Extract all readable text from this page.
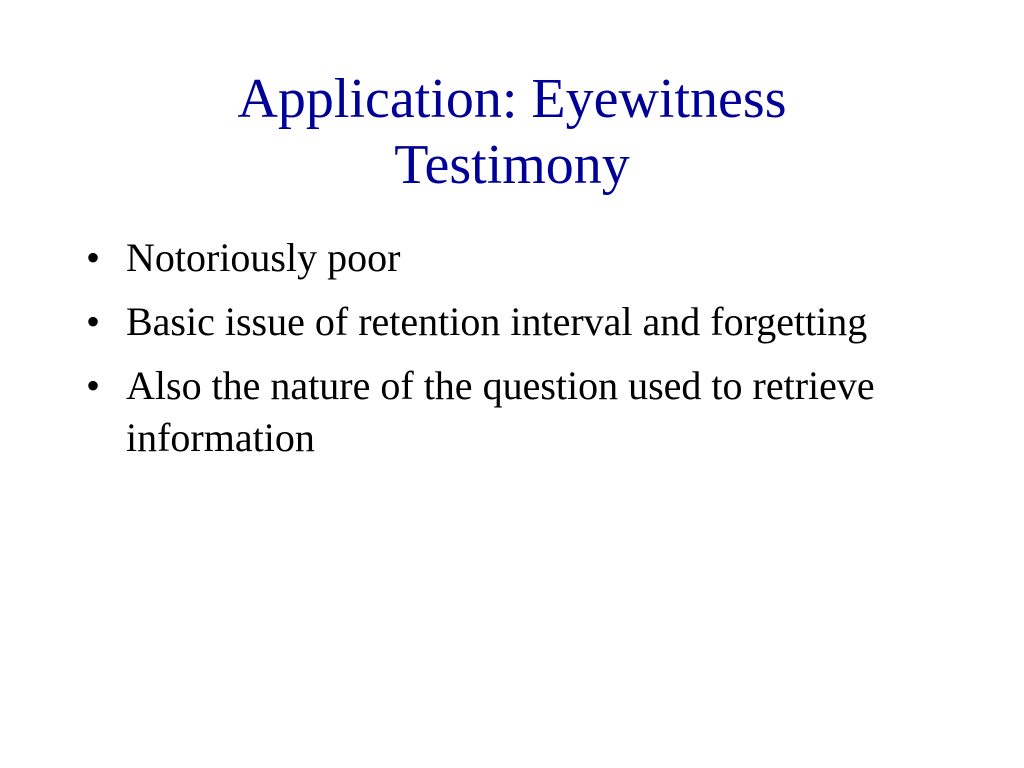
Application: Eyewitness
Testimony
• Notoriously poor
• Basic issue of retention interval and forgetting
• Also the nature of the question used to retrieve information
